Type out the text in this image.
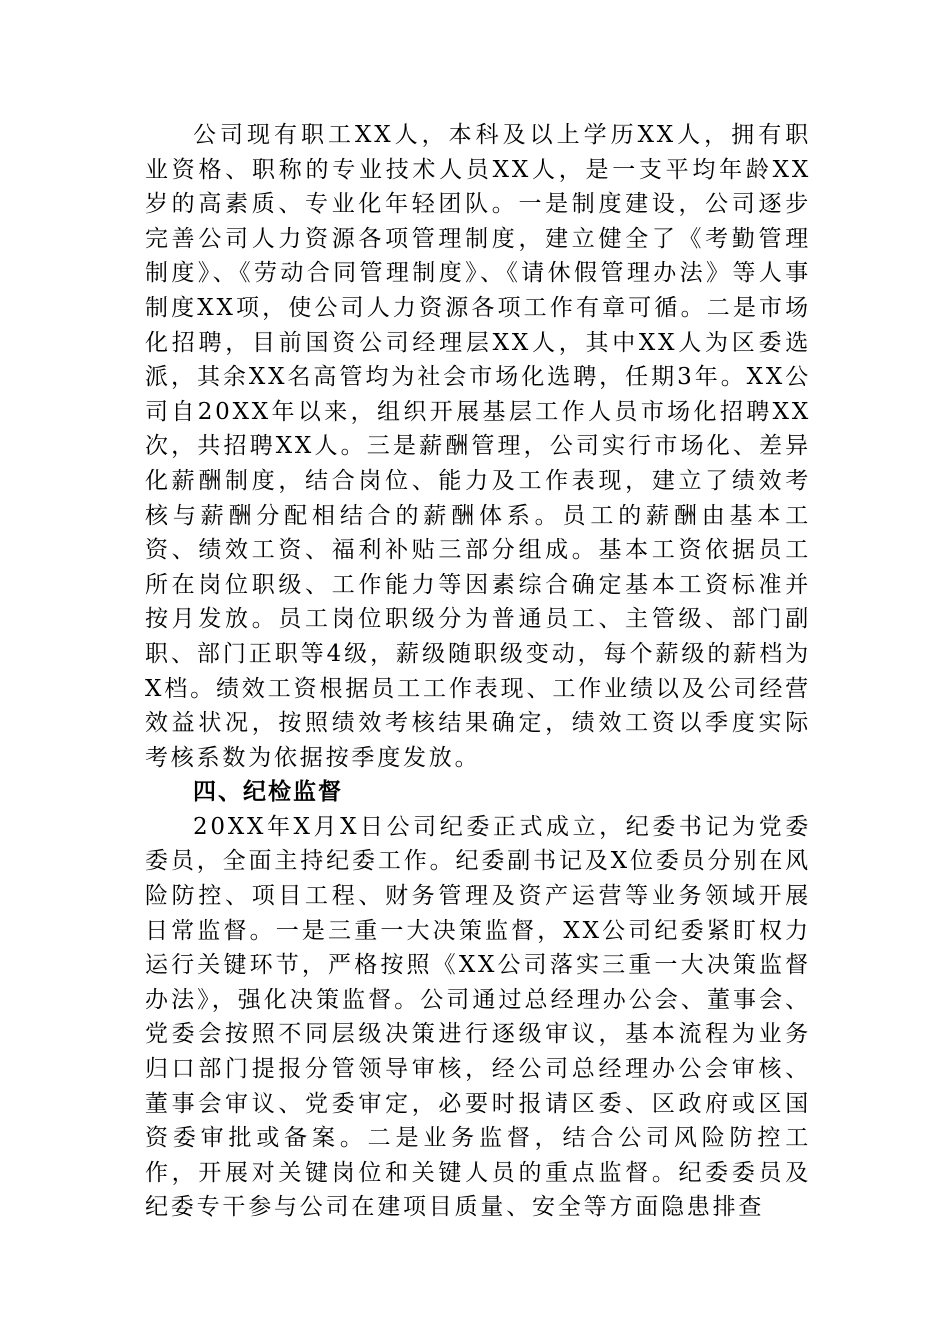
公司现有职工XX人，本科及以上学历XX人，拥有职业资格、职称的专业技术人员XX人，是一支平均年龄XX岁的高素质、专业化年轻团队。一是制度建设，公司逐步完善公司人力资源各项管理制度，建立健全了《考勤管理制度》、《劳动合同管理制度》、《请休假管理办法》等人事制度XX项，使公司人力资源各项工作有章可循。二是市场化招聘，目前国资公司经理层XX人，其中XX人为区委选派，其余XX名高管均为社会市场化选聘，任期3年。XX公司自20XX年以来，组织开展基层工作人员市场化招聘XX次，共招聘XX人。三是薪酬管理，公司实行市场化、差异化薪酬制度，结合岗位、能力及工作表现，建立了绩效考核与薪酬分配相结合的薪酬体系。员工的薪酬由基本工资、绩效工资、福利补贴三部分组成。基本工资依据员工所在岗位职级、工作能力等因素综合确定基本工资标准并按月发放。员工岗位职级分为普通员工、主管级、部门副职、部门正职等4级，薪级随职级变动，每个薪级的薪档为X档。绩效工资根据员工工作表现、工作业绩以及公司经营效益状况，按照绩效考核结果确定，绩效工资以季度实际考核系数为依据按季度发放。

四、纪检监督

20XX年X月X日公司纪委正式成立，纪委书记为党委委员，全面主持纪委工作。纪委副书记及X位委员分别在风险防控、项目工程、财务管理及资产运营等业务领域开展日常监督。一是三重一大决策监督，XX公司纪委紧盯权力运行关键环节，严格按照《XX公司落实三重一大决策监督办法》，强化决策监督。公司通过总经理办公会、董事会、党委会按照不同层级决策进行逐级审议，基本流程为业务归口部门提报分管领导审核，经公司总经理办公会审核、董事会审议、党委审定，必要时报请区委、区政府或区国资委审批或备案。二是业务监督，结合公司风险防控工作，开展对关键岗位和关键人员的重点监督。纪委委员及纪委专干参与公司在建项目质量、安全等方面隐患排查
